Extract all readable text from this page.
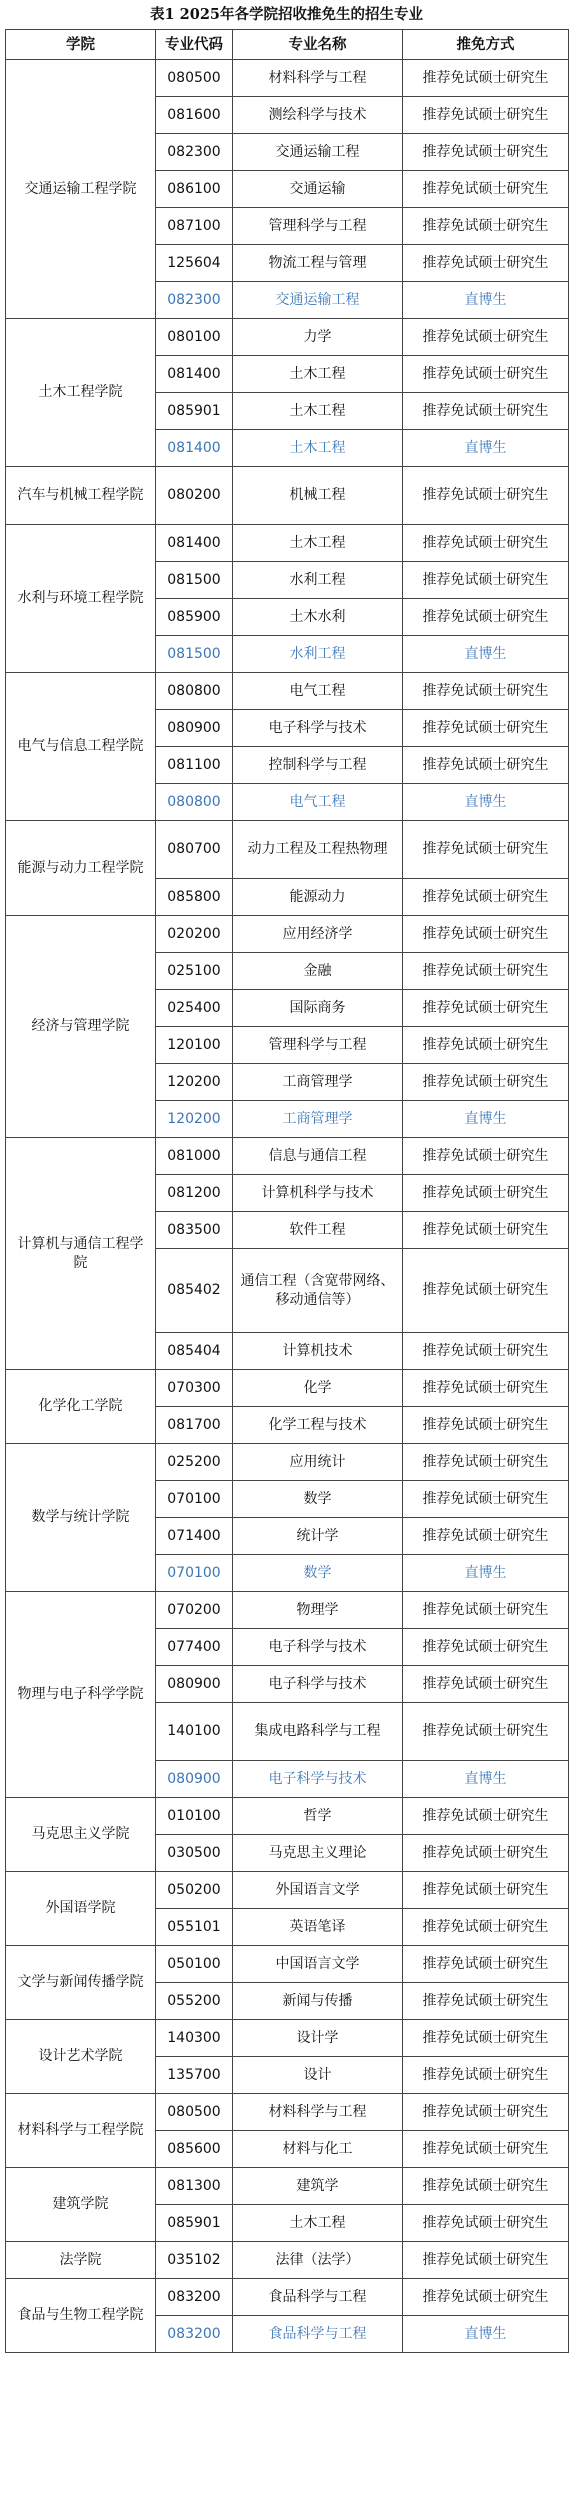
表1 2025年各学院招收推免生的招生专业
学院	专业代码	专业名称	推免方式
交通运输工程学院	080500	材料科学与工程	推荐免试硕士研究生
	081600	测绘科学与技术	推荐免试硕士研究生
	082300	交通运输工程	推荐免试硕士研究生
	086100	交通运输	推荐免试硕士研究生
	087100	管理科学与工程	推荐免试硕士研究生
	125604	物流工程与管理	推荐免试硕士研究生
	082300	交通运输工程	直博生
土木工程学院	080100	力学	推荐免试硕士研究生
	081400	土木工程	推荐免试硕士研究生
	085901	土木工程	推荐免试硕士研究生
	081400	土木工程	直博生
汽车与机械工程学院	080200	机械工程	推荐免试硕士研究生
水利与环境工程学院	081400	土木工程	推荐免试硕士研究生
	081500	水利工程	推荐免试硕士研究生
	085900	土木水利	推荐免试硕士研究生
	081500	水利工程	直博生
电气与信息工程学院	080800	电气工程	推荐免试硕士研究生
	080900	电子科学与技术	推荐免试硕士研究生
	081100	控制科学与工程	推荐免试硕士研究生
	080800	电气工程	直博生
能源与动力工程学院	080700	动力工程及工程热物理	推荐免试硕士研究生
	085800	能源动力	推荐免试硕士研究生
经济与管理学院	020200	应用经济学	推荐免试硕士研究生
	025100	金融	推荐免试硕士研究生
	025400	国际商务	推荐免试硕士研究生
	120100	管理科学与工程	推荐免试硕士研究生
	120200	工商管理学	推荐免试硕士研究生
	120200	工商管理学	直博生
计算机与通信工程学院	081000	信息与通信工程	推荐免试硕士研究生
	081200	计算机科学与技术	推荐免试硕士研究生
	083500	软件工程	推荐免试硕士研究生
	085402	通信工程（含宽带网络、移动通信等）	推荐免试硕士研究生
	085404	计算机技术	推荐免试硕士研究生
化学化工学院	070300	化学	推荐免试硕士研究生
	081700	化学工程与技术	推荐免试硕士研究生
数学与统计学院	025200	应用统计	推荐免试硕士研究生
	070100	数学	推荐免试硕士研究生
	071400	统计学	推荐免试硕士研究生
	070100	数学	直博生
物理与电子科学学院	070200	物理学	推荐免试硕士研究生
	077400	电子科学与技术	推荐免试硕士研究生
	080900	电子科学与技术	推荐免试硕士研究生
	140100	集成电路科学与工程	推荐免试硕士研究生
	080900	电子科学与技术	直博生
马克思主义学院	010100	哲学	推荐免试硕士研究生
	030500	马克思主义理论	推荐免试硕士研究生
外国语学院	050200	外国语言文学	推荐免试硕士研究生
	055101	英语笔译	推荐免试硕士研究生
文学与新闻传播学院	050100	中国语言文学	推荐免试硕士研究生
	055200	新闻与传播	推荐免试硕士研究生
设计艺术学院	140300	设计学	推荐免试硕士研究生
	135700	设计	推荐免试硕士研究生
材料科学与工程学院	080500	材料科学与工程	推荐免试硕士研究生
	085600	材料与化工	推荐免试硕士研究生
建筑学院	081300	建筑学	推荐免试硕士研究生
	085901	土木工程	推荐免试硕士研究生
法学院	035102	法律（法学）	推荐免试硕士研究生
食品与生物工程学院	083200	食品科学与工程	推荐免试硕士研究生
	083200	食品科学与工程	直博生
